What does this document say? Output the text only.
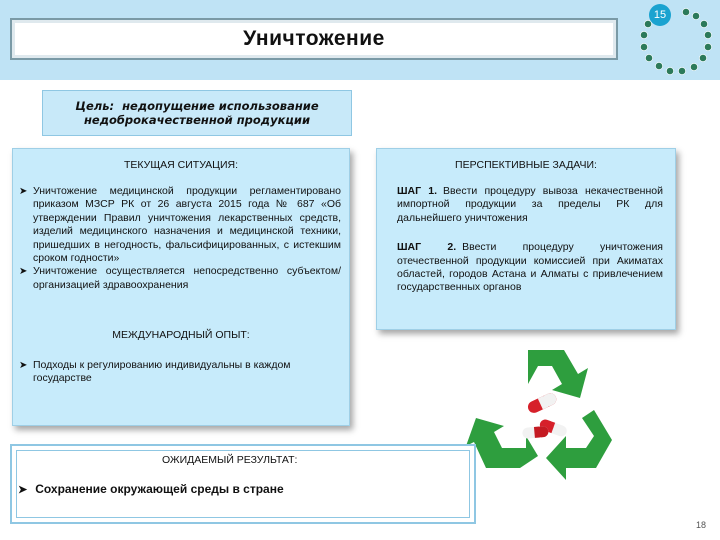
Уничтожение
15
Цель: недопущение использование
недоброкачественной продукции
ТЕКУЩАЯ СИТУАЦИЯ:
➤ Уничтожение медицинской продукции регламентировано приказом МЗСР РК от 26 августа 2015 года № 687 «Об утверждении Правил уничтожения лекарственных средств, изделий медицинского назначения и медицинской техники, пришедших в негодность, фальсифицированных, с истекшим сроком годности»
➤ Уничтожение осуществляется непосредственно субъектом/организацией здравоохранения
МЕЖДУНАРОДНЫЙ ОПЫТ:
➤ Подходы к регулированию индивидуальны в каждом государстве
ПЕРСПЕКТИВНЫЕ ЗАДАЧИ:
ШАГ 1. Ввести процедуру вывоза некачественной импортной продукции за пределы РК для дальнейшего уничтожения
ШАГ 2. Ввести процедуру уничтожения отечественной продукции комиссией при Акиматах областей, городов Астана и Алматы с привлечением государственных органов
ОЖИДАЕМЫЙ РЕЗУЛЬТАТ:
➤ Сохранение окружающей среды в стране
18
